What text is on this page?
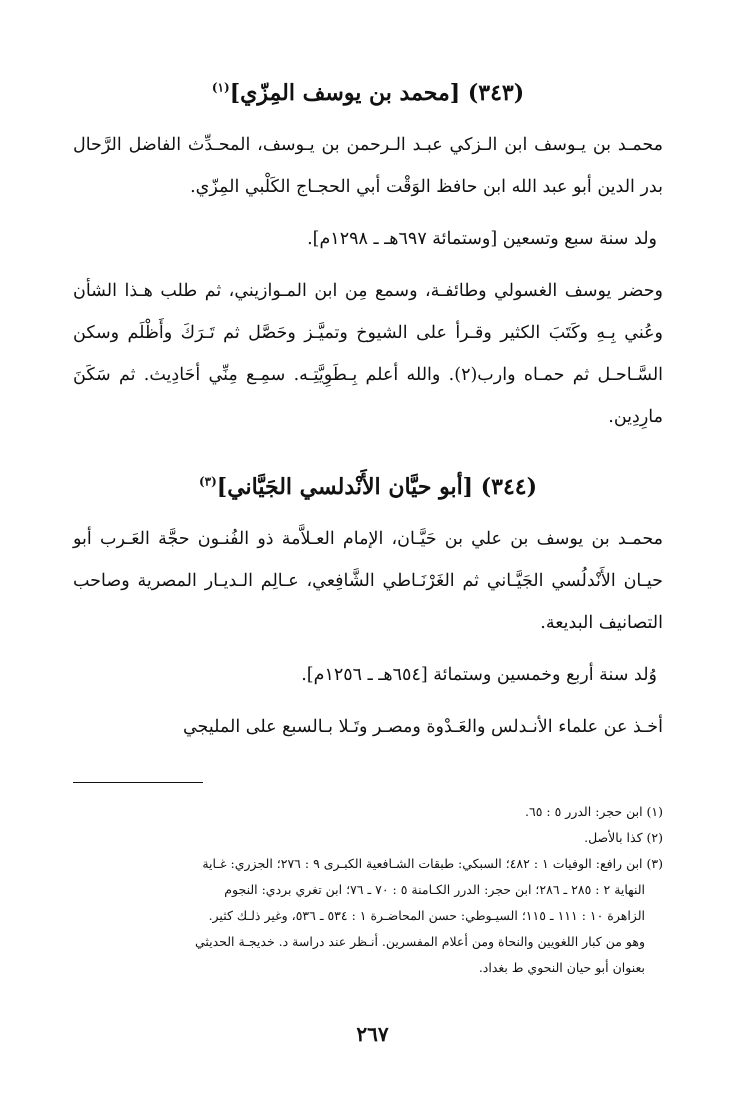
(٣٤٣) [محمد بن يوسف المِزّي]$^{(١)}$

محمـد بن يـوسف ابن الـزكي عبـد الـرحمن بن يـوسف، المحـدِّث الفاضل الرَّحال بدر الدين أبو عبد الله ابن حافظ الوَقْت أبي الحجـاج الكَلْبي المِزّي.

ولد سنة سبع وتسعين [وستمائة ٦٩٧هـ ـ ١٢٩٨م].

وحضر يوسف الغسولي وطائفـة، وسمع مِن ابن المـوازيني، ثم طلب هـذا الشأن وعُني بِـهِ وكَتَبَ الكثير وقـرأ على الشيوخ وتميَّـز وحَصَّل ثم تَـرَكَ وأَظْلَم وسكن السَّـاحـل ثم حمـاه وارب(٢). والله أعلم بِـطَوِيَّتِـه. سمِـع مِنِّي أحَادِيث. ثم سَكَنَ مارِدِين.

(٣٤٤) [أبو حيَّان الأَنْدلسي الجَيَّاني]$^{(٣)}$

محمـد بن يوسف بن علي بن حَيَّـان، الإمام العـلاَّمة ذو الفُنـون حجَّة العَـرب أبو حيـان الأَنْدلُسي الجَيَّـاني ثم الغَرْنَـاطي الشَّافِعي، عـالِم الـديـار المصرية وصاحب التصانيف البديعة.

وُلد سنة أربع وخمسين وستمائة [٦٥٤هـ ـ ١٢٥٦م].

أخـذ عن علماء الأنـدلس والعَـدْوة ومصـر وتَـلا بـالسبع على المليجي

(١) ابن حجر: الدرر ٥ : ٦٥.

(٢) كذا بالأصل.

(٣) ابن رافع: الوفيات ١ : ٤٨٢؛ السبكي: طبقات الشـافعية الكبـرى ٩ : ٢٧٦؛ الجزري: غـاية

النهاية ٢ : ٢٨٥ ـ ٢٨٦؛ ابن حجر: الدرر الكـامنة ٥ : ٧٠ ـ ٧٦؛ ابن تغري بردي: النجوم

الزاهرة ١٠ : ١١١ ـ ١١٥؛ السيـوطي: حسن المحاضـرة ١ : ٥٣٤ ـ ٥٣٦، وغير ذلـك كثير.

وهو من كبار اللغويين والنحاة ومن أعلام المفسرين. أنـظر عند دراسة د. خديجـة الحديثي

بعنوان أبو حيان النحوي ط بغداد.

٢٦٧
